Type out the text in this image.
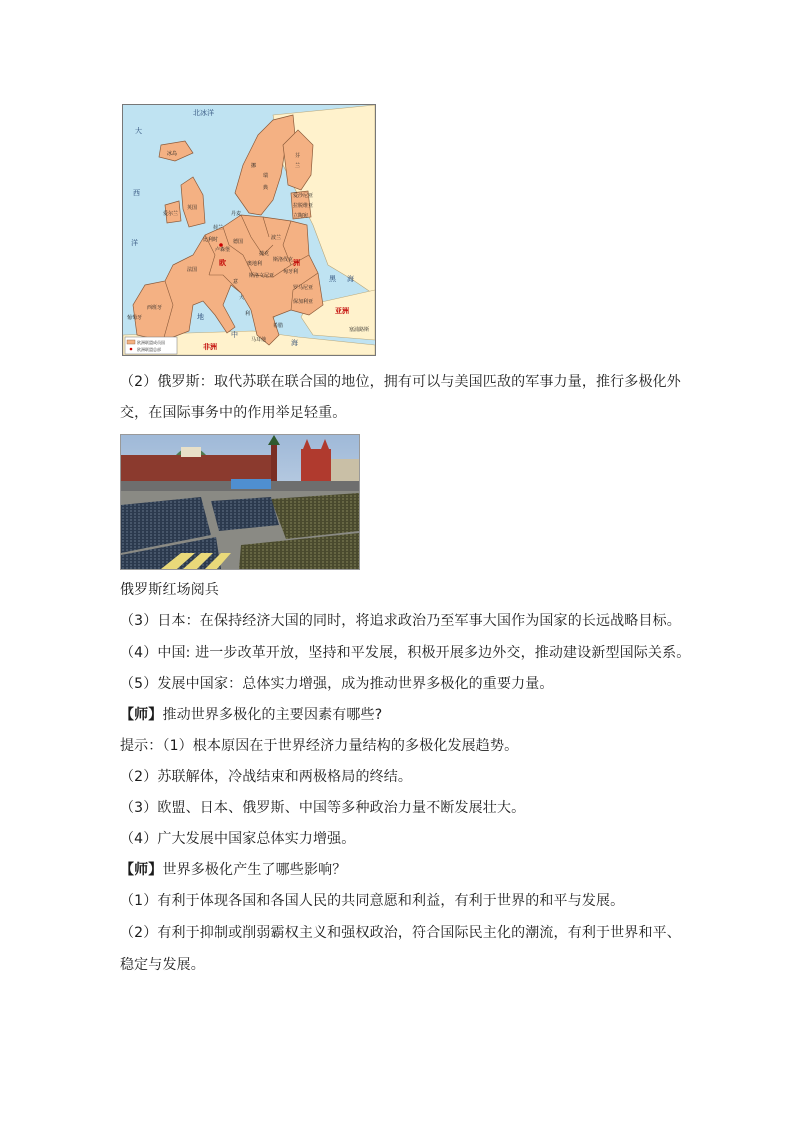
大
北冰洋
西
洋
地
中
海
黑 海
欧	洲
亚洲
非洲
冰岛
挪
瑞
典
芬
兰
英国
爱尔兰	丹麦
荷兰
比利时	德国
波兰
法国
奥地利
意
大
利
西班牙
葡萄牙
捷克
匈牙利
罗马尼亚
保加利亚
希腊
爱沙尼亚
拉脱维亚
立陶宛
斯洛伐克
斯洛文尼亚
卢森堡
马耳他
塞浦路斯
欧洲联盟成员国
欧洲联盟总部
（2）俄罗斯：取代苏联在联合国的地位，拥有可以与美国匹敌的军事力量，推行多极化外
交，在国际事务中的作用举足轻重。
俄罗斯红场阅兵
（3）日本：在保持经济大国的同时，将追求政治乃至军事大国作为国家的长远战略目标。
（4）中国: 进一步改革开放，坚持和平发展，积极开展多边外交，推动建设新型国际关系。
（5）发展中国家：总体实力增强，成为推动世界多极化的重要力量。
【师】推动世界多极化的主要因素有哪些?
提示：（1）根本原因在于世界经济力量结构的多极化发展趋势。
（2）苏联解体，冷战结束和两极格局的终结。
（3）欧盟、日本、俄罗斯、中国等多种政治力量不断发展壮大。
（4）广大发展中国家总体实力增强。
【师】世界多极化产生了哪些影响？
（1）有利于体现各国和各国人民的共同意愿和利益，有利于世界的和平与发展。
（2）有利于抑制或削弱霸权主义和强权政治，符合国际民主化的潮流，有利于世界和平、
稳定与发展。
